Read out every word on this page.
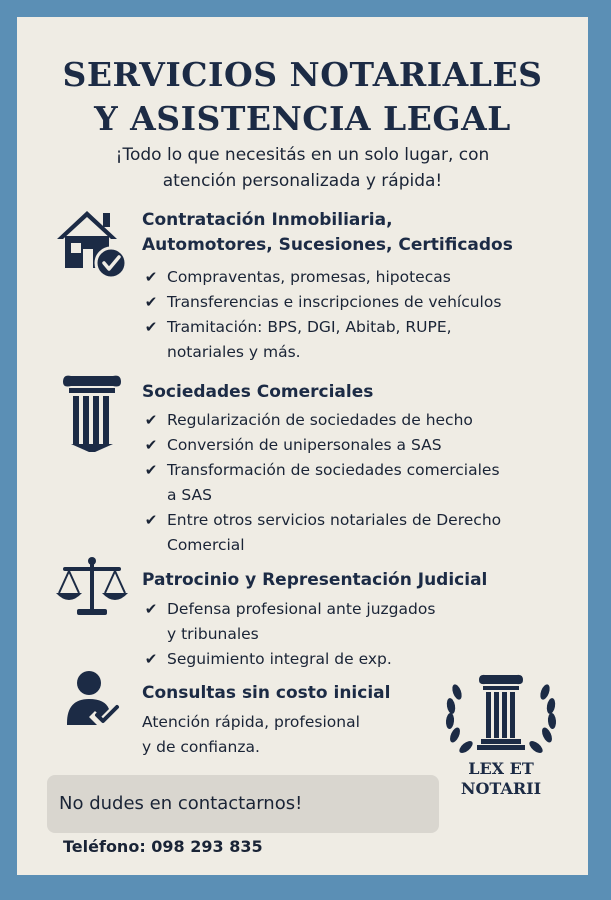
SERVICIOS NOTARIALES
Y ASISTENCIA LEGAL
¡Todo lo que necesitás en un solo lugar, con
atención personalizada y rápida!
Contratación Inmobiliaria,
Automotores, Sucesiones, Certificados
✔ Compraventas, promesas, hipotecas
✔ Transferencias e inscripciones de vehículos
✔ Tramitación: BPS, DGI, Abitab, RUPE,
notariales y más.
Sociedades Comerciales
✔ Regularización de sociedades de hecho
✔ Conversión de unipersonales a SAS
✔ Transformación de sociedades comerciales
a SAS
✔ Entre otros servicios notariales de Derecho
Comercial
Patrocinio y Representación Judicial
✔ Defensa profesional ante juzgados
y tribunales
✔ Seguimiento integral de exp.
Consultas sin costo inicial
Atención rápida, profesional
y de confianza.
LEX ET
NOTARII
No dudes en contactarnos!
Teléfono: 098 293 835
